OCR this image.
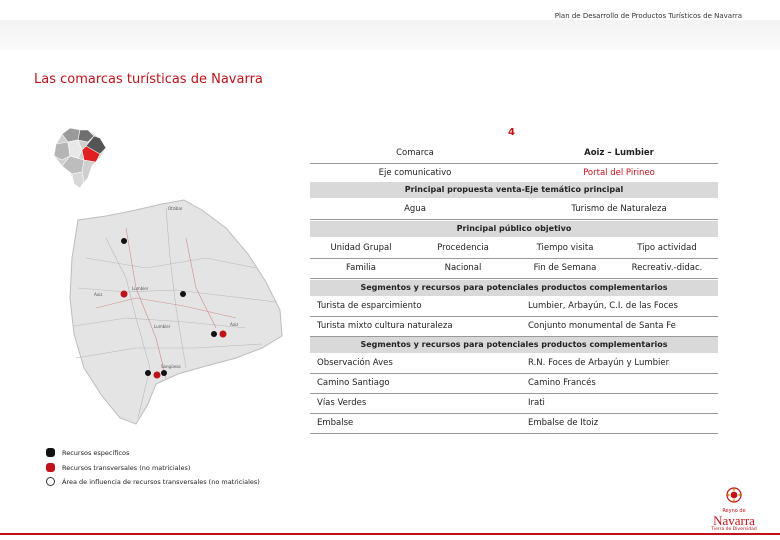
Plan de Desarrollo de Productos Turísticos de Navarra
Las comarcas turísticas de Navarra
4
Otzibar
Aoiz
Lumbier
Lumbier	Aoiz
Sangüesa
Comarca	Aoiz – Lumbier
Eje comunicativo	Portal del Pirineo
Principal propuesta venta-Eje temático principal
Agua	Turismo de Naturaleza
Principal público objetivo
Unidad Grupal	Procedencia	Tiempo visita	Tipo actividad
Familia	Nacional	Fin de Semana	Recreativ.-didac.
Segmentos y recursos para potenciales productos complementarios
Turista de esparcimiento	Lumbier, Arbayún, C.I. de las Foces
Turista mixto cultura naturaleza	Conjunto monumental de Santa Fe
Segmentos y recursos para potenciales productos complementarios
Observación Aves	R.N. Foces de Arbayún y Lumbier
Camino Santiago	Camino Francés
Vías Verdes	Irati
Embalse	Embalse de Itoiz
Recursos específicos
Recursos transversales (no matriciales)
Área de influencia de recursos transversales (no matriciales)
Reyno de
Navarra
Tierra de Diversidad
